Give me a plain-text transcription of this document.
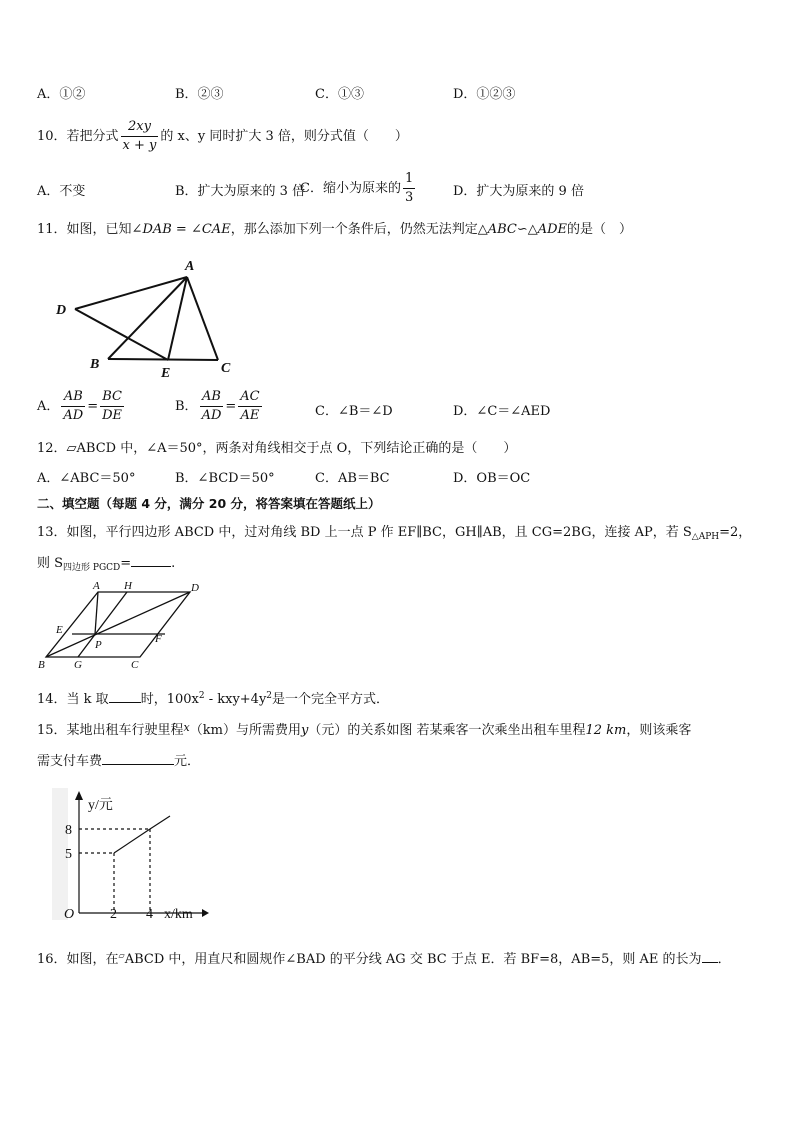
A．①②	B．②③	C．①③	D．①②③
10．若把分式 $\frac{2xy}{x + y}$ 的 x、y 同时扩大 3 倍，则分式值（　　）
A．不变	B．扩大为原来的 3 倍
C．缩小为原来的 $\frac{1}{3}$	D．扩大为原来的 9 倍
11．如图，已知∠DAB = ∠CAE，那么添加下列一个条件后，仍然无法判定△ABC∽△ADE的是（　）
A
D
B
E	C
A． $\frac{AB}{AD} = \frac{BC}{DE}$	B． $\frac{AB}{AD} = \frac{AC}{AE}$	C．∠B＝∠D	D．∠C＝∠AED
12．▱ABCD 中，∠A＝50°，两条对角线相交于点 O，下列结论正确的是（　　）
A．∠ABC＝50°	B．∠BCD＝50°	C．AB＝BC	D．OB＝OC
二、填空题（每题 4 分，满分 20 分，将答案填在答题纸上）
13．如图，平行四边形 ABCD 中，过对角线 BD 上一点 P 作 EF∥BC，GH∥AB，且 CG=2BG，连接 AP，若 $S_{\triangle APH}=2$，
则 $S_{四边形 PGCD}=$	.
A H	D
E
P	F
B	G	C
14．当 k 取 时，$100x^2 - kxy+4y^2$是一个完全平方式．
15．某地出租车行驶里程$^x$（km）与所需费用y（元）的关系如图 若某乘客一次乘坐出租车里程12 km，则该乘客
需支付车费	元．
y/元
x/km
O	2 4
5
8
16．如图，在▱ABCD 中，用直尺和圆规作∠BAD 的平分线 AG 交 BC 于点 E．若 BF=8，AB=5，则 AE 的长为 ．
